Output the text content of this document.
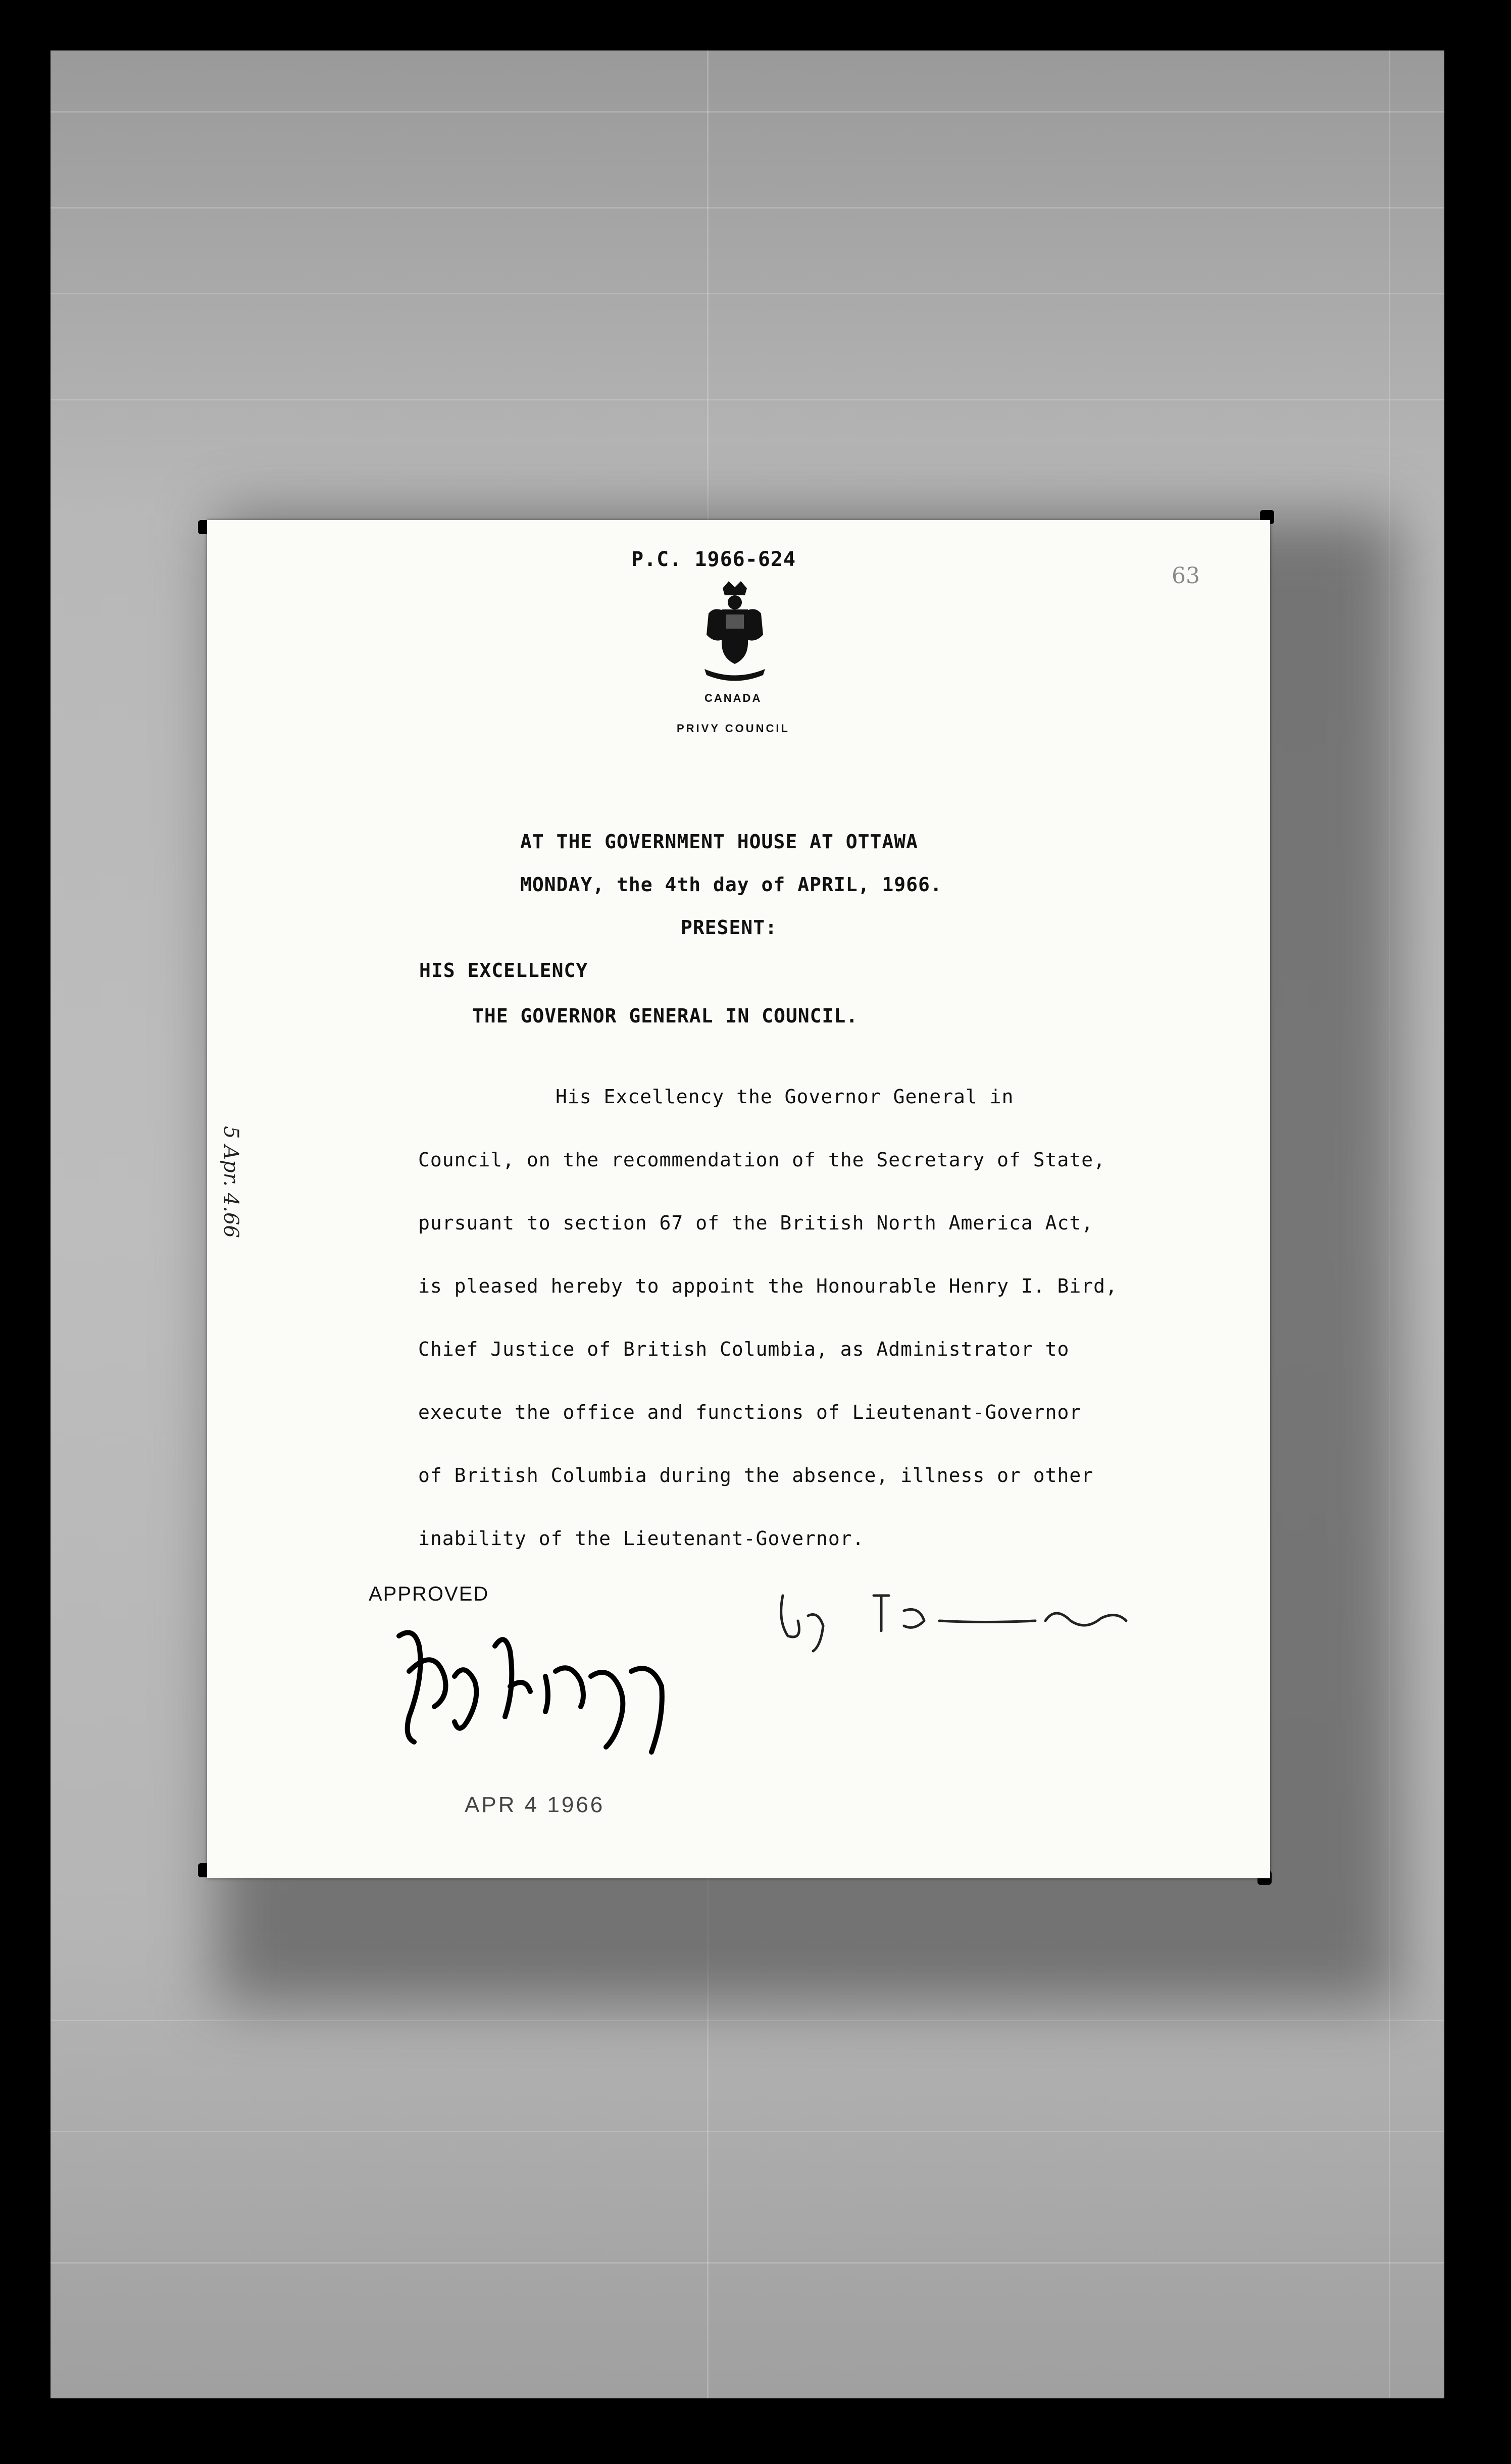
P.C. 1966-624
63
CANADA
PRIVY COUNCIL
AT THE GOVERNMENT HOUSE AT OTTAWA
MONDAY, the 4th day of APRIL, 1966.
PRESENT:
HIS EXCELLENCY
THE GOVERNOR GENERAL IN COUNCIL.
His Excellency the Governor General in
Council, on the recommendation of the Secretary of State,
pursuant to section 67 of the British North America Act,
is pleased hereby to appoint the Honourable Henry I. Bird,
Chief Justice of British Columbia, as Administrator to
execute the office and functions of Lieutenant-Governor
of British Columbia during the absence, illness or other
inability of the Lieutenant-Governor.
APPROVED
APR 4 1966
5 Apr. 4.66
